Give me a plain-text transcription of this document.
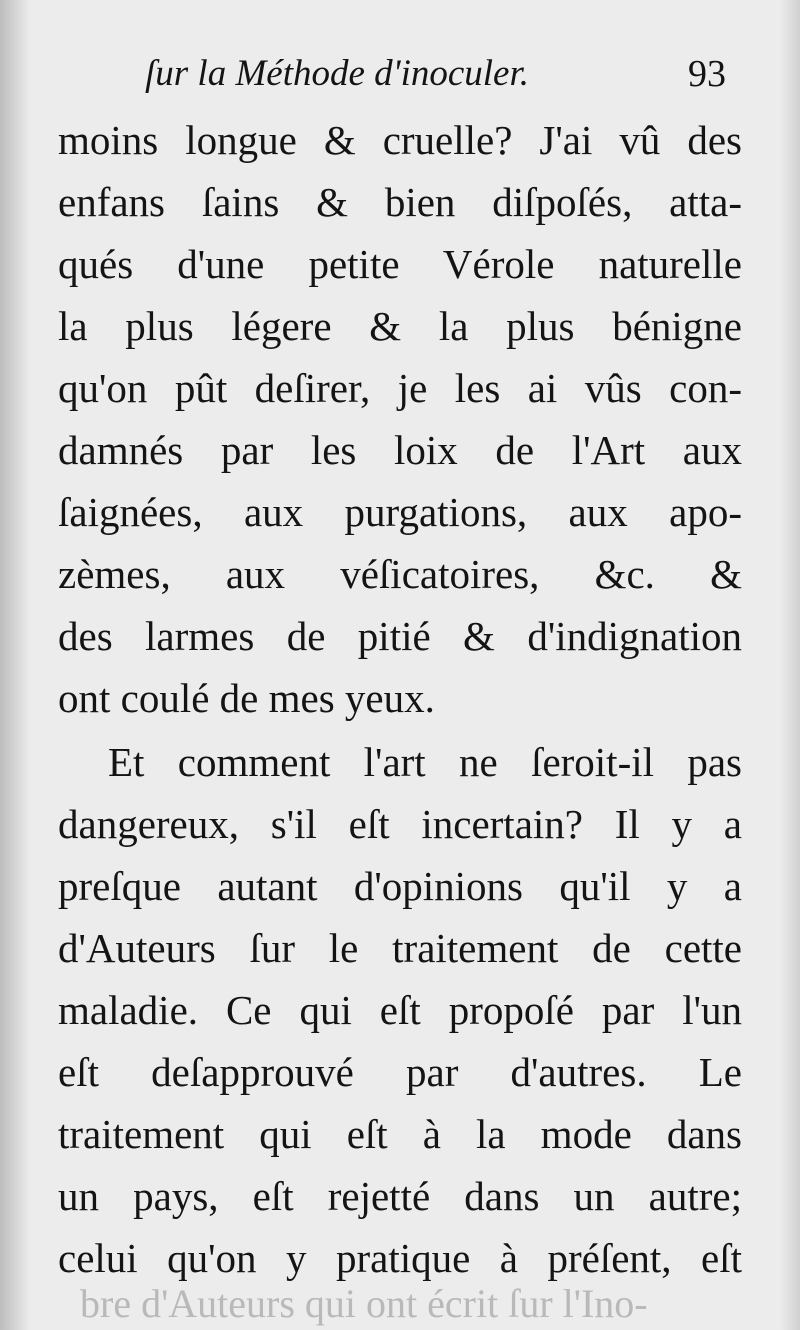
ſur la Méthode d'inoculer.	93
moins longue & cruelle? J'ai vû des
enfans ſains & bien diſpoſés, atta-
qués d'une petite Vérole naturelle
la plus légere & la plus bénigne
qu'on pût deſirer, je les ai vûs con-
damnés par les loix de l'Art aux
ſaignées, aux purgations, aux apo-
zèmes, aux véſicatoires, &c. &
des larmes de pitié & d'indignation
ont coulé de mes yeux.
Et comment l'art ne ſeroit-il pas
dangereux, s'il eſt incertain? Il y a
preſque autant d'opinions qu'il y a
d'Auteurs ſur le traitement de cette
maladie. Ce qui eſt propoſé par l'un
eſt deſapprouvé par d'autres. Le
traitement qui eſt à la mode dans
un pays, eſt rejetté dans un autre;
celui qu'on y pratique à préſent, eſt
bre d'Auteurs qui ont écrit ſur l'Ino-
